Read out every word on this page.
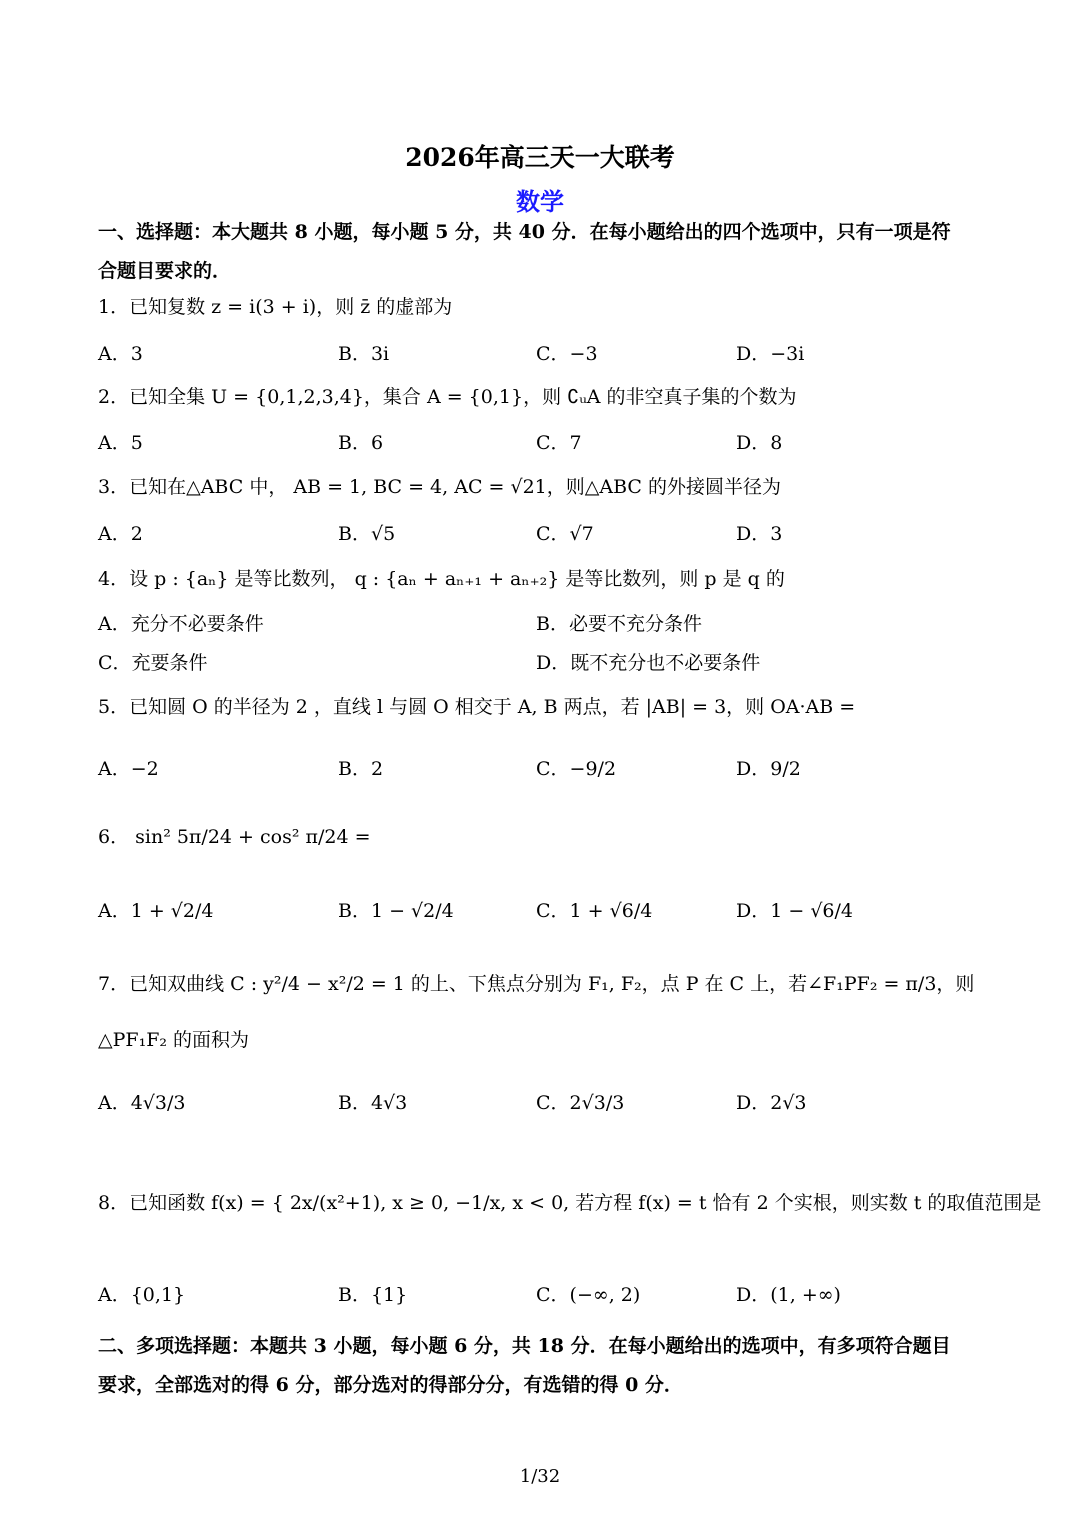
2026年高三天一大联考
数学
一、选择题：本大题共 8 小题，每小题 5 分，共 40 分．在每小题给出的四个选项中，只有一项是符
合题目要求的．
1．已知复数 z = i(3 + i)，则 z̄ 的虚部为
A．3	B．3i	C．−3	D．−3i
2．已知全集 U = {0,1,2,3,4}，集合 A = {0,1}，则 ∁ᵤA 的非空真子集的个数为
A．5	B．6	C．7	D．8
3．已知在△ABC 中， AB = 1, BC = 4, AC = √21，则△ABC 的外接圆半径为
A．2	B．√5	C．√7	D．3
4．设 p : {aₙ} 是等比数列， q : {aₙ + aₙ₊₁ + aₙ₊₂} 是等比数列，则 p 是 q 的
A．充分不必要条件	B．必要不充分条件
C．充要条件	D．既不充分也不必要条件
5．已知圆 O 的半径为 2 ，直线 l 与圆 O 相交于 A, B 两点，若 |AB| = 3，则 OA·AB =
A．−2	B．2	C．−9/2	D．9/2
6． sin² 5π/24 + cos² π/24 =
A．1 + √2/4	B．1 − √2/4	C．1 + √6/4	D．1 − √6/4
7．已知双曲线 C : y²/4 − x²/2 = 1 的上、下焦点分别为 F₁, F₂，点 P 在 C 上，若∠F₁PF₂ = π/3，则
△PF₁F₂ 的面积为
A．4√3/3	B．4√3	C．2√3/3	D．2√3
8．已知函数 f(x) = { 2x/(x²+1), x ≥ 0, −1/x, x < 0, 若方程 f(x) = t 恰有 2 个实根，则实数 t 的取值范围是
A．{0,1}	B．{1}	C．(−∞, 2)	D．(1, +∞)
二、多项选择题：本题共 3 小题，每小题 6 分，共 18 分．在每小题给出的选项中，有多项符合题目
要求，全部选对的得 6 分，部分选对的得部分分，有选错的得 0 分．
1/32
